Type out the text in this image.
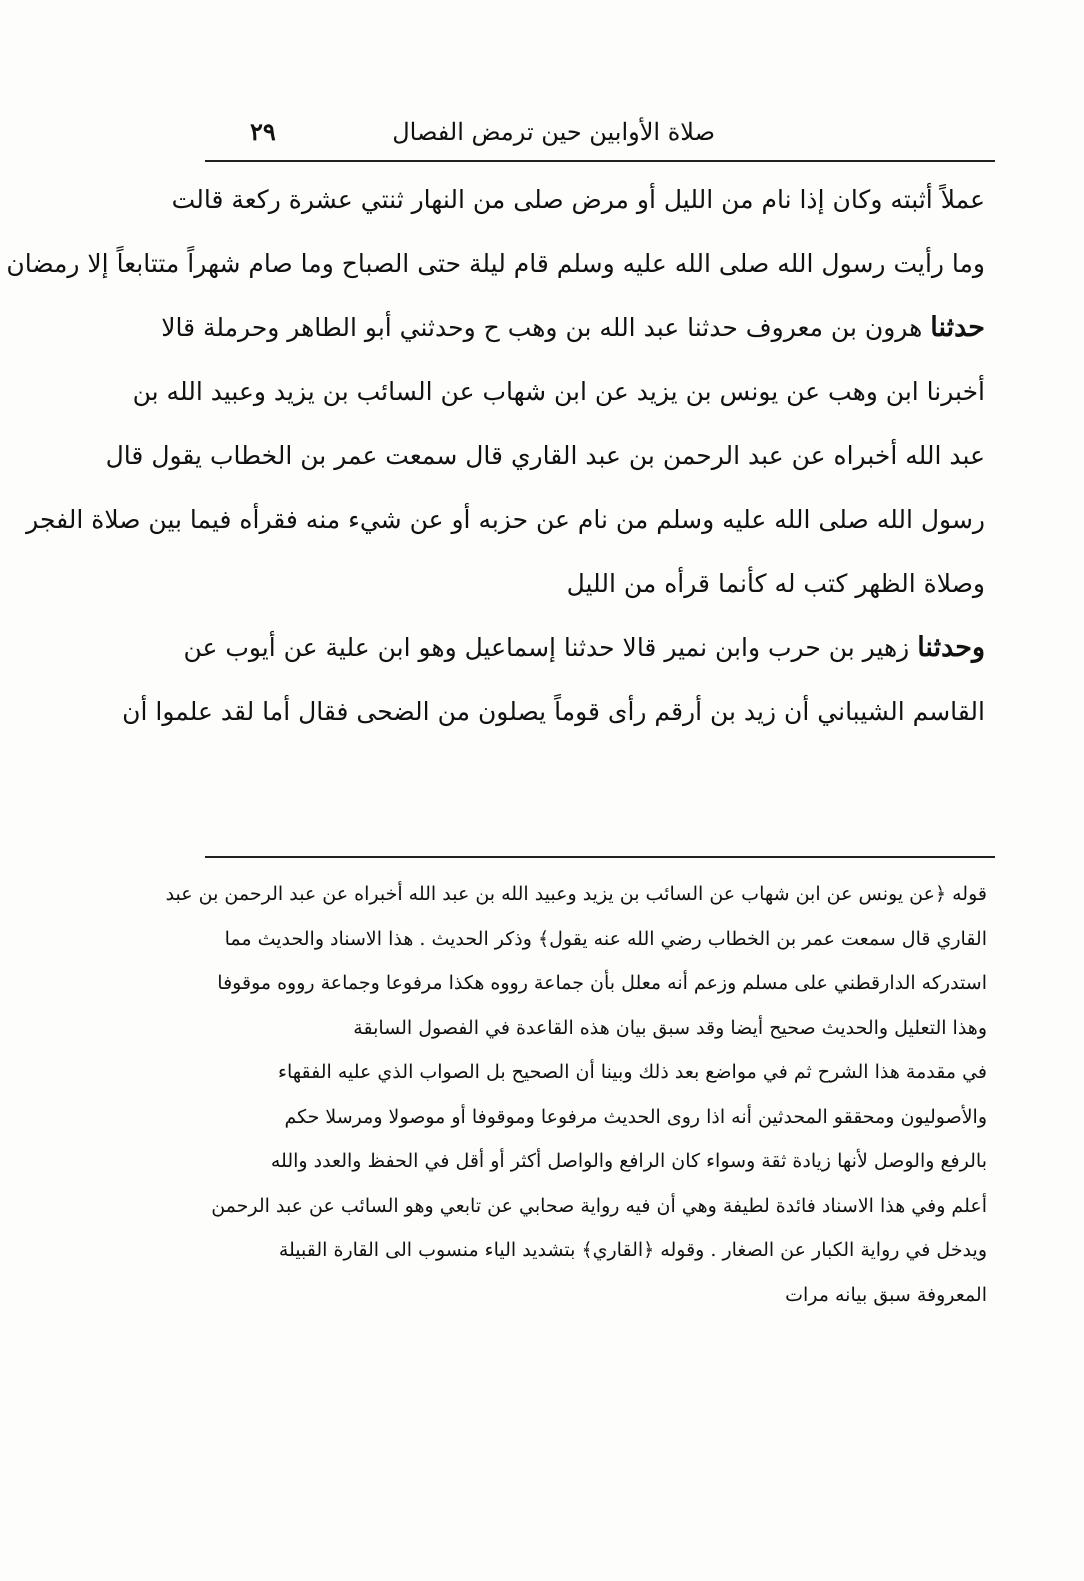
صلاة الأوابين حين ترمض الفصال
٢٩
عملاً أثبته وكان إذا نام من الليل أو مرض صلى من النهار ثنتي عشرة ركعة قالت
وما رأيت رسول الله صلى الله عليه وسلم قام ليلة حتى الصباح وما صام شهراً متتابعاً إلا رمضان
حدثنا هرون بن معروف حدثنا عبد الله بن وهب ح وحدثني أبو الطاهر وحرملة قالا
أخبرنا ابن وهب عن يونس بن يزيد عن ابن شهاب عن السائب بن يزيد وعبيد الله بن
عبد الله أخبراه عن عبد الرحمن بن عبد القاري قال سمعت عمر بن الخطاب يقول قال
رسول الله صلى الله عليه وسلم من نام عن حزبه أو عن شيء منه فقرأه فيما بين صلاة الفجر
وصلاة الظهر كتب له كأنما قرأه من الليل
وحدثنا زهير بن حرب وابن نمير قالا حدثنا إسماعيل وهو ابن علية عن أيوب عن
القاسم الشيباني أن زيد بن أرقم رأى قوماً يصلون من الضحى فقال أما لقد علموا أن
قوله ﴿عن يونس عن ابن شهاب عن السائب بن يزيد وعبيد الله بن عبد الله أخبراه عن عبد الرحمن بن عبد
القاري قال سمعت عمر بن الخطاب رضي الله عنه يقول﴾ وذكر الحديث . هذا الاسناد والحديث مما
استدركه الدارقطني على مسلم وزعم أنه معلل بأن جماعة رووه هكذا مرفوعا وجماعة رووه موقوفا
وهذا التعليل والحديث صحيح أيضا وقد سبق بيان هذه القاعدة في الفصول السابقة
في مقدمة هذا الشرح ثم في مواضع بعد ذلك وبينا أن الصحيح بل الصواب الذي عليه الفقهاء
والأصوليون ومحققو المحدثين أنه اذا روى الحديث مرفوعا وموقوفا أو موصولا ومرسلا حكم
بالرفع والوصل لأنها زيادة ثقة وسواء كان الرافع والواصل أكثر أو أقل في الحفظ والعدد والله
أعلم وفي هذا الاسناد فائدة لطيفة وهي أن فيه رواية صحابي عن تابعي وهو السائب عن عبد الرحمن
ويدخل في رواية الكبار عن الصغار . وقوله ﴿القاري﴾ بتشديد الياء منسوب الى القارة القبيلة
المعروفة سبق بيانه مرات
